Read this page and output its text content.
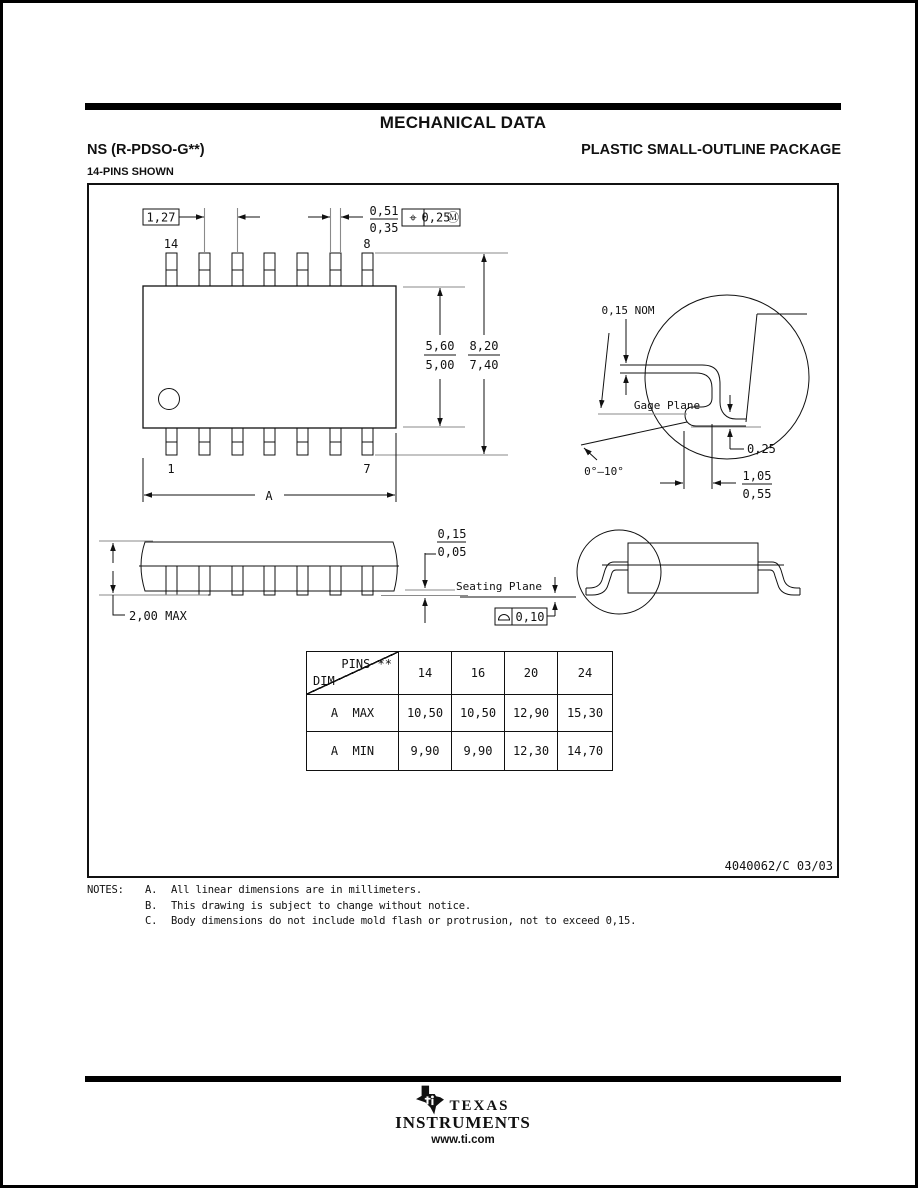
MECHANICAL DATA
NS (R-PDSO-G**)	PLASTIC SMALL-OUTLINE PACKAGE
14-PINS SHOWN
14	8
1	7
1,27	0,51
0,35
⌖ 0,25
Ⓜ
5,60
5,00
8,20
7,40
A
0,15 NOM
Gage Plane
0,25
0°–10°	1,05
0,55
2,00 MAX
0,15
0,05
Seating Plane
0,10
4040062/C 03/03
PINS **
DIM
14	16	20	24
A  MAX	10,50	10,50	12,90	15,30
A  MIN	9,90	9,90	12,30	14,70
NOTES:	A.	All linear dimensions are in millimeters.
B.	This drawing is subject to change without notice.
C.	Body dimensions do not include mold flash or protrusion, not to exceed 0,15.
TEXAS
INSTRUMENTS
www.ti.com
